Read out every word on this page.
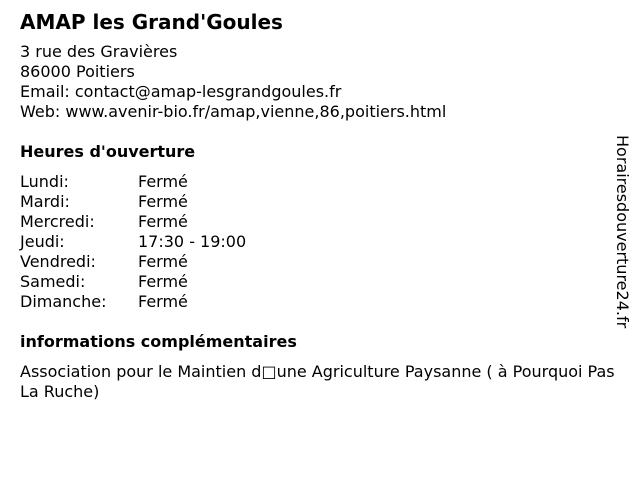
AMAP les Grand'Goules
3 rue des Gravières
86000 Poitiers
Email: contact@amap-lesgrandgoules.fr
Web: www.avenir-bio.fr/amap,vienne,86,poitiers.html
Heures d'ouverture
Lundi:	Fermé
Mardi:	Fermé
Mercredi:	Fermé
Jeudi:	17:30 - 19:00
Vendredi:	Fermé
Samedi:	Fermé
Dimanche:	Fermé
informations complémentaires
Association pour le Maintien d□une Agriculture Paysanne ( à Pourquoi Pas La Ruche)
Horairesdouverture24.fr
